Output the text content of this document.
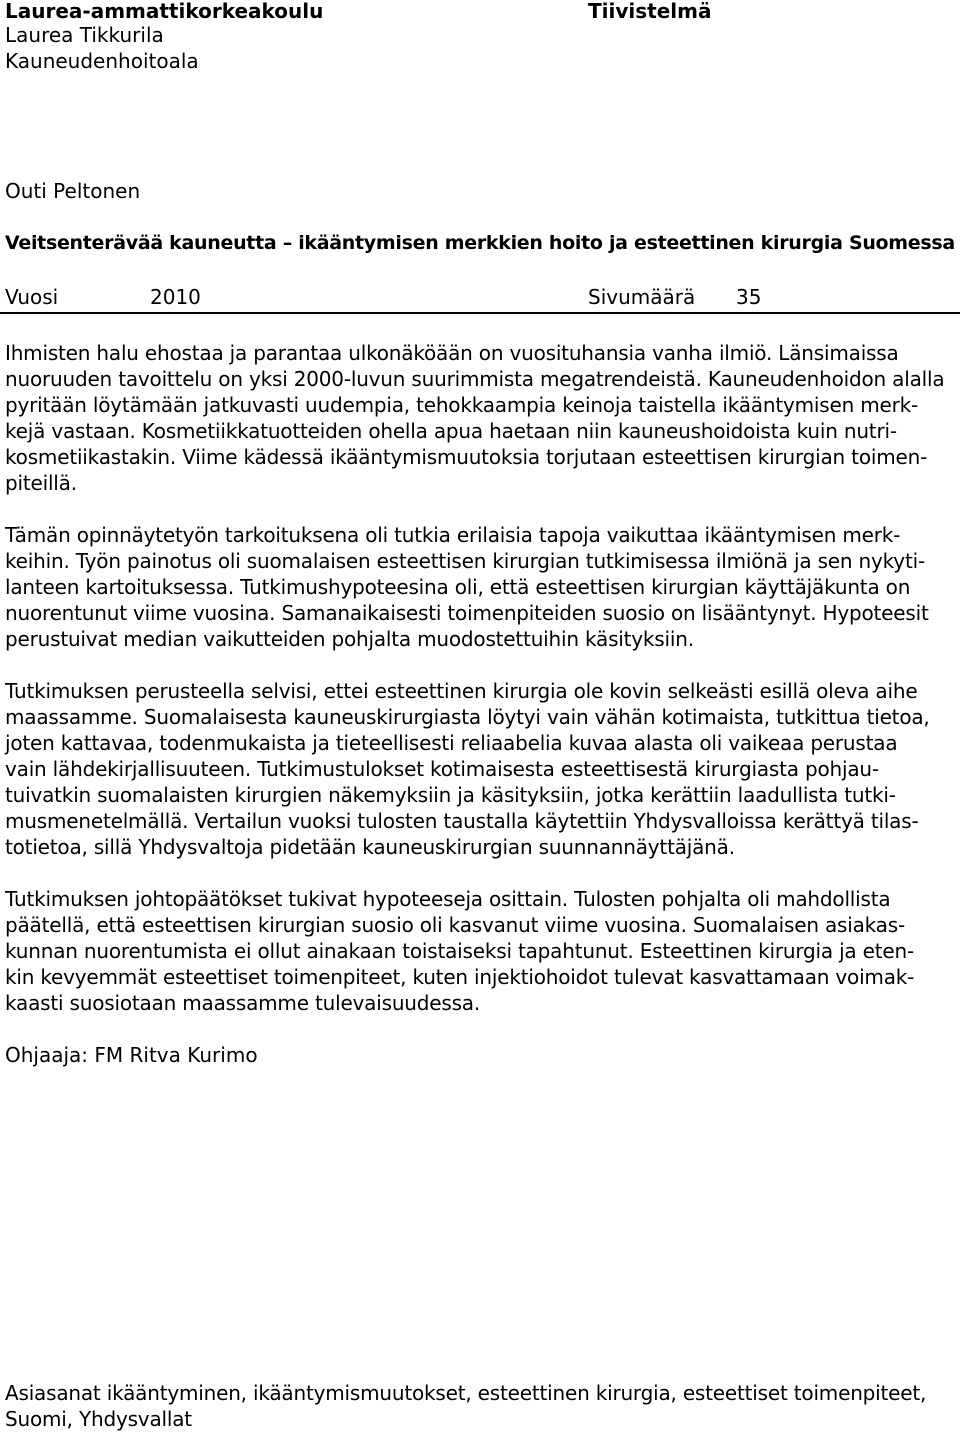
Laurea-ammattikorkeakoulu	Tiivistelmä
Laurea Tikkurila
Kauneudenhoitoala
Outi Peltonen
Veitsenterävää kauneutta – ikääntymisen merkkien hoito ja esteettinen kirurgia Suomessa
Vuosi	2010	Sivumäärä 35
Ihmisten halu ehostaa ja parantaa ulkonäköään on vuosituhansia vanha ilmiö. Länsimaissa
nuoruuden tavoittelu on yksi 2000-luvun suurimmista megatrendeistä. Kauneudenhoidon alalla
pyritään löytämään jatkuvasti uudempia, tehokkaampia keinoja taistella ikääntymisen merk-
kejä vastaan. Kosmetiikkatuotteiden ohella apua haetaan niin kauneushoidoista kuin nutri-
kosmetiikastakin. Viime kädessä ikääntymismuutoksia torjutaan esteettisen kirurgian toimen-
piteillä.
Tämän opinnäytetyön tarkoituksena oli tutkia erilaisia tapoja vaikuttaa ikääntymisen merk-
keihin. Työn painotus oli suomalaisen esteettisen kirurgian tutkimisessa ilmiönä ja sen nykyti-
lanteen kartoituksessa. Tutkimushypoteesina oli, että esteettisen kirurgian käyttäjäkunta on
nuorentunut viime vuosina. Samanaikaisesti toimenpiteiden suosio on lisääntynyt. Hypoteesit
perustuivat median vaikutteiden pohjalta muodostettuihin käsityksiin.
Tutkimuksen perusteella selvisi, ettei esteettinen kirurgia ole kovin selkeästi esillä oleva aihe
maassamme. Suomalaisesta kauneuskirurgiasta löytyi vain vähän kotimaista, tutkittua tietoa,
joten kattavaa, todenmukaista ja tieteellisesti reliaabelia kuvaa alasta oli vaikeaa perustaa
vain lähdekirjallisuuteen. Tutkimustulokset kotimaisesta esteettisestä kirurgiasta pohjau-
tuivatkin suomalaisten kirurgien näkemyksiin ja käsityksiin, jotka kerättiin laadullista tutki-
musmenetelmällä. Vertailun vuoksi tulosten taustalla käytettiin Yhdysvalloissa kerättyä tilas-
totietoa, sillä Yhdysvaltoja pidetään kauneuskirurgian suunnannäyttäjänä.
Tutkimuksen johtopäätökset tukivat hypoteeseja osittain. Tulosten pohjalta oli mahdollista
päätellä, että esteettisen kirurgian suosio oli kasvanut viime vuosina. Suomalaisen asiakas-
kunnan nuorentumista ei ollut ainakaan toistaiseksi tapahtunut. Esteettinen kirurgia ja eten-
kin kevyemmät esteettiset toimenpiteet, kuten injektiohoidot tulevat kasvattamaan voimak-
kaasti suosiotaan maassamme tulevaisuudessa.
Ohjaaja: FM Ritva Kurimo
Asiasanat ikääntyminen, ikääntymismuutokset, esteettinen kirurgia, esteettiset toimenpiteet,
Suomi, Yhdysvallat
